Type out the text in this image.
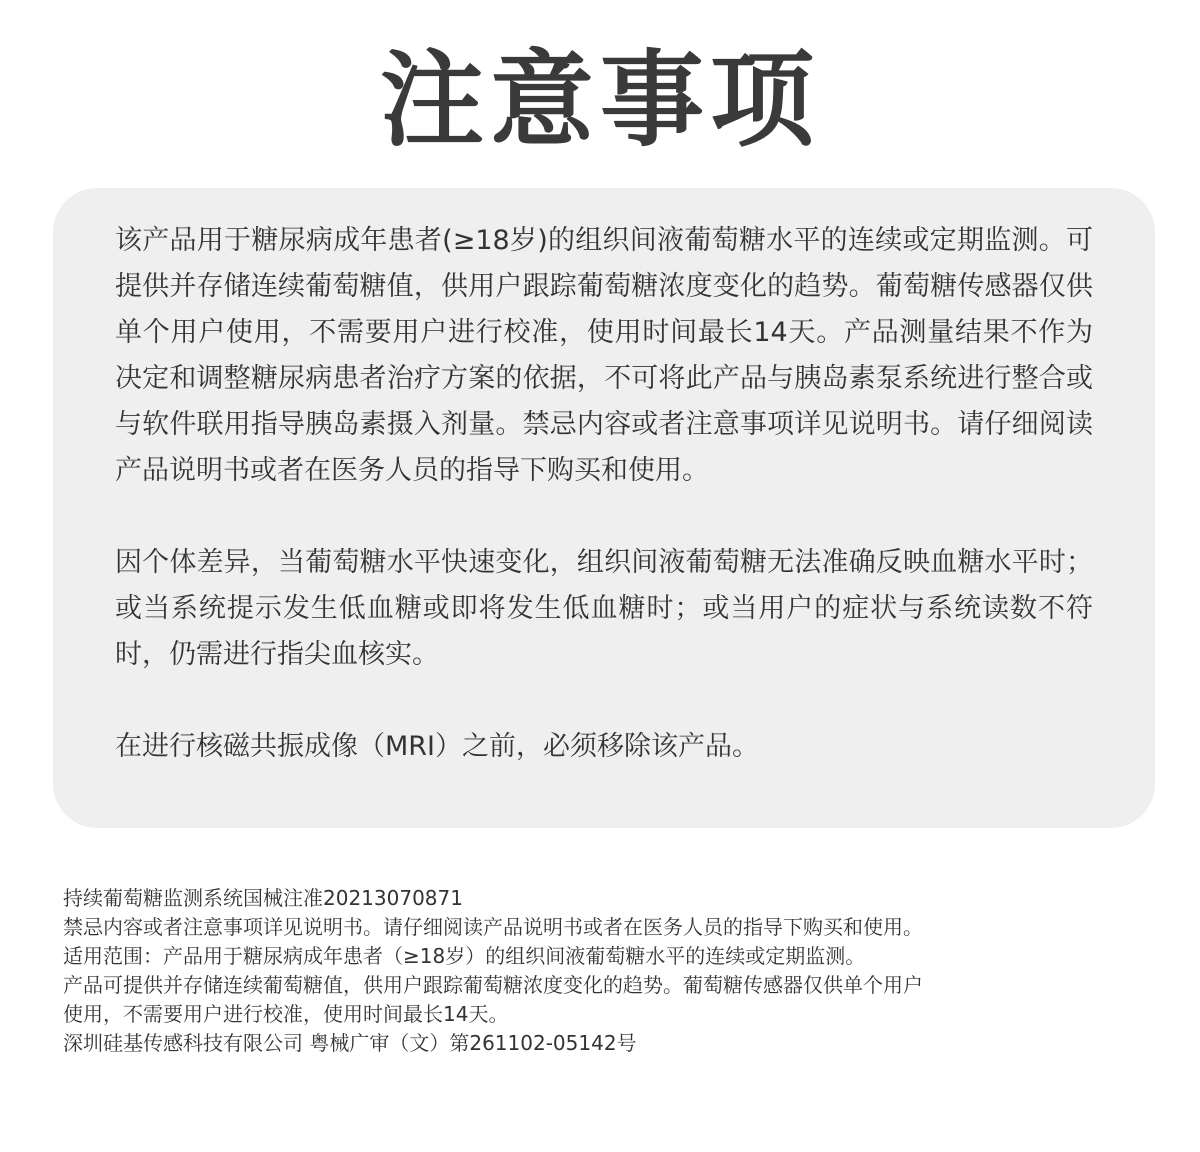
注意事项

该产品用于糖尿病成年患者(≥18岁)的组织间液葡萄糖水平的连续或定期监测。可提供并存储连续葡萄糖值，供用户跟踪葡萄糖浓度变化的趋势。葡萄糖传感器仅供单个用户使用，不需要用户进行校准，使用时间最长14天。产品测量结果不作为决定和调整糖尿病患者治疗方案的依据，不可将此产品与胰岛素泵系统进行整合或与软件联用指导胰岛素摄入剂量。禁忌内容或者注意事项详见说明书。请仔细阅读产品说明书或者在医务人员的指导下购买和使用。

因个体差异，当葡萄糖水平快速变化，组织间液葡萄糖无法准确反映血糖水平时；或当系统提示发生低血糖或即将发生低血糖时；或当用户的症状与系统读数不符时，仍需进行指尖血核实。

在进行核磁共振成像（MRI）之前，必须移除该产品。

持续葡萄糖监测系统国械注准20213070871

禁忌内容或者注意事项详见说明书。请仔细阅读产品说明书或者在医务人员的指导下购买和使用。

适用范围：产品用于糖尿病成年患者（≥18岁）的组织间液葡萄糖水平的连续或定期监测。

产品可提供并存储连续葡萄糖值，供用户跟踪葡萄糖浓度变化的趋势。葡萄糖传感器仅供单个用户

使用，不需要用户进行校准，使用时间最长14天。

深圳硅基传感科技有限公司 粤械广审（文）第261102-05142号
